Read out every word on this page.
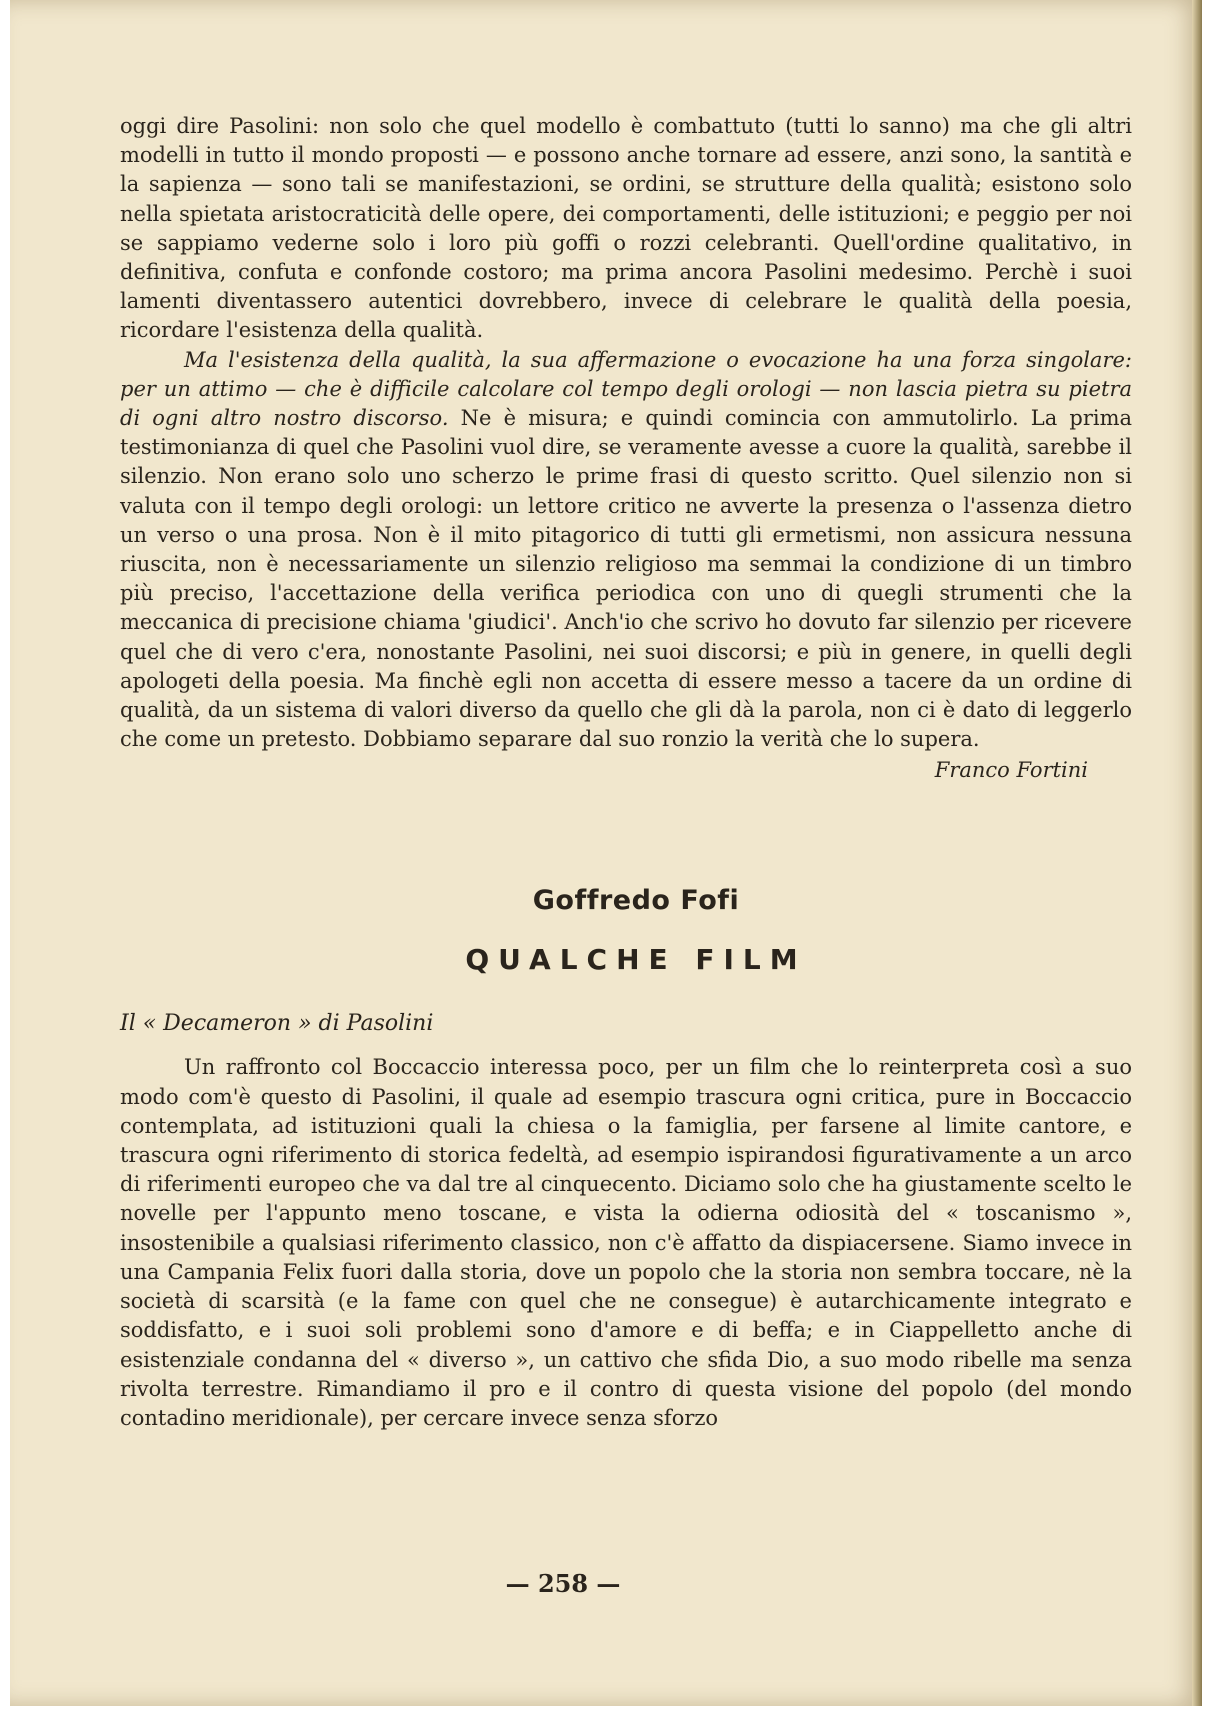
oggi dire Pasolini: non solo che quel modello è combattuto (tutti lo sanno) ma che gli altri modelli in tutto il mondo proposti — e possono anche tornare ad essere, anzi sono, la santità e la sapienza — sono tali se manifestazioni, se ordini, se strutture della qualità; esistono solo nella spietata aristocraticità delle opere, dei comportamenti, delle istituzioni; e peggio per noi se sappiamo vederne solo i loro più goffi o rozzi celebranti. Quell'ordine qualitativo, in definitiva, confuta e confonde costoro; ma prima ancora Pasolini medesimo. Perchè i suoi lamenti diventassero autentici dovrebbero, invece di celebrare le qualità della poesia, ricordare l'esistenza della qualità.

Ma l'esistenza della qualità, la sua affermazione o evocazione ha una forza singolare: per un attimo — che è difficile calcolare col tempo degli orologi — non lascia pietra su pietra di ogni altro nostro discorso. Ne è misura; e quindi comincia con ammutolirlo. La prima testimonianza di quel che Pasolini vuol dire, se veramente avesse a cuore la qualità, sarebbe il silenzio. Non erano solo uno scherzo le prime frasi di questo scritto. Quel silenzio non si valuta con il tempo degli orologi: un lettore critico ne avverte la presenza o l'assenza dietro un verso o una prosa. Non è il mito pitagorico di tutti gli ermetismi, non assicura nessuna riuscita, non è necessariamente un silenzio religioso ma semmai la condizione di un timbro più preciso, l'accettazione della verifica periodica con uno di quegli strumenti che la meccanica di precisione chiama 'giudici'. Anch'io che scrivo ho dovuto far silenzio per ricevere quel che di vero c'era, nonostante Pasolini, nei suoi discorsi; e più in genere, in quelli degli apologeti della poesia. Ma finchè egli non accetta di essere messo a tacere da un ordine di qualità, da un sistema di valori diverso da quello che gli dà la parola, non ci è dato di leggerlo che come un pretesto. Dobbiamo separare dal suo ronzio la verità che lo supera.

Franco Fortini
Goffredo Fofi
QUALCHE FILM
Il « Decameron » di Pasolini

Un raffronto col Boccaccio interessa poco, per un film che lo reinterpreta così a suo modo com'è questo di Pasolini, il quale ad esempio trascura ogni critica, pure in Boccaccio contemplata, ad istituzioni quali la chiesa o la famiglia, per farsene al limite cantore, e trascura ogni riferimento di storica fedeltà, ad esempio ispirandosi figurativamente a un arco di riferimenti europeo che va dal tre al cinquecento. Diciamo solo che ha giustamente scelto le novelle per l'appunto meno toscane, e vista la odierna odiosità del « toscanismo », insostenibile a qualsiasi riferimento classico, non c'è affatto da dispiacersene. Siamo invece in una Campania Felix fuori dalla storia, dove un popolo che la storia non sembra toccare, nè la società di scarsità (e la fame con quel che ne consegue) è autarchicamente integrato e soddisfatto, e i suoi soli problemi sono d'amore e di beffa; e in Ciappelletto anche di esistenziale condanna del « diverso », un cattivo che sfida Dio, a suo modo ribelle ma senza rivolta terrestre. Rimandiamo il pro e il contro di questa visione del popolo (del mondo contadino meridionale), per cercare invece senza sforzo

— 258 —
